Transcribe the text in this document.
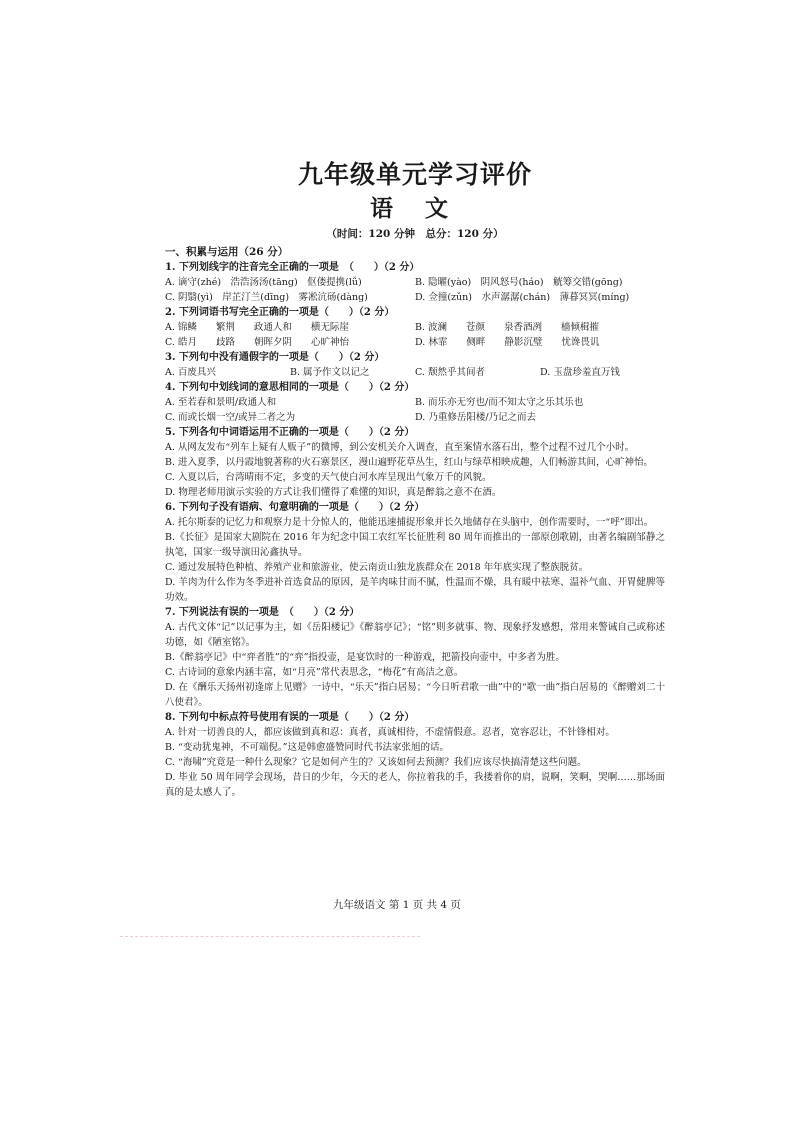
九年级单元学习评价
语 文
（时间：120 分钟　总分：120 分）
一、积累与运用（26 分）
1. 下列划线字的注音完全正确的一项是　（　　）（2 分）
A. 谪守(zhé)　浩浩汤汤(tāng)　伛偻提携(lǚ)	B. 隐曜(yào)　阴风怒号(háo)　觥筹交错(gōng)
C. 阴翳(yì)　岸芷汀兰(dīng)　雾凇沆砀(dàng)	D. 佥撞(zǔn)　水声潺潺(chán)　薄暮冥冥(míng)
2. 下列词语书写完全正确的一项是（　　）（2 分）
A. 锦鳞　　繁荆　　政通人和　　横无际崖	B. 波澜　　苍颜　　泉香酒冽　　樯倾楫摧
C. 皓月　　歧路　　朝晖夕阴　　心旷神怡	D. 林霏　　侧畔　　静影沉璧　　忧谗畏讥
3. 下列句中没有通假字的一项是（　　）（2 分）
A. 百废具兴	B. 属予作文以记之	C. 颓然乎其间者	D. 玉盘珍羞直万钱
4. 下列句中划线词的意思相同的一项是（　　）（2 分）
A. 至若春和景明/政通人和	B. 而乐亦无穷也/而不知太守之乐其乐也
C. 而或长烟一空/或异二者之为	D. 乃重修岳阳楼/乃记之而去
5. 下列各句中词语运用不正确的一项是（　　）（2 分）

A. 从网友发布“列车上疑有人贩子”的微博，到公安机关介入调查，直至案情水落石出，整个过程不过几个小时。

B. 进入夏季，以丹霞地貌著称的火石寨景区，漫山遍野花草丛生，红山与绿草相映成趣，人们畅游其间，心旷神怡。

C. 入夏以后，台湾晴雨不定，多变的天气使白河水库呈现出气象万千的风貌。

D. 物理老师用演示实验的方式让我们懂得了难懂的知识，真是醉翁之意不在酒。

6. 下列句子没有语病、句意明确的一项是（　　）（2 分）

A. 托尔斯泰的记忆力和观察力是十分惊人的，他能迅速捕捉形象并长久地储存在头脑中，创作需要时，一“呼”即出。

B.《长征》是国家大剧院在 2016 年为纪念中国工农红军长征胜利 80 周年而推出的一部原创歌剧，由著名编剧邹静之执笔，国家一级导演田沁鑫执导。

C. 通过发展特色种植、养殖产业和旅游业，使云南贡山独龙族群众在 2018 年年底实现了整族脱贫。

D. 羊肉为什么作为冬季进补首选食品的原因，是羊肉味甘而不腻，性温而不燥，具有暖中祛寒、温补气血、开胃健脾等功效。

7. 下列说法有误的一项是　（　　）（2 分）

A. 古代文体“记”以记事为主，如《岳阳楼记》《醉翁亭记》；“铭”则多就事、物、现象抒发感想，常用来警诫自己或称述功德，如《陋室铭》。

B.《醉翁亭记》中“弈者胜”的“弈”指投壶，是宴饮时的一种游戏，把箭投向壶中，中多者为胜。

C. 古诗词的意象内涵丰富，如“月亮”常代表思念，“梅花”有高洁之意。

D. 在《酬乐天扬州初逢席上见赠》一诗中，“乐天”指白居易；“今日听君歌一曲”中的“歌一曲”指白居易的《醉赠刘二十八使君》。

8. 下列句中标点符号使用有误的一项是（　　）（2 分）

A. 针对一切善良的人，都应该做到真和忍：真者，真诚相待，不虚情假意。忍者，宽容忍让，不针锋相对。

B. “变动犹鬼神，不可端倪。”这是韩愈盛赞同时代书法家张旭的话。

C. “海啸”究竟是一种什么现象？它是如何产生的？又该如何去预测？我们应该尽快搞清楚这些问题。

D. 毕业 50 周年同学会现场，昔日的少年，今天的老人，你拉着我的手，我搂着你的肩，说啊，笑啊，哭啊……那场面真的是太感人了。

九年级语文 第 1 页 共 4 页
